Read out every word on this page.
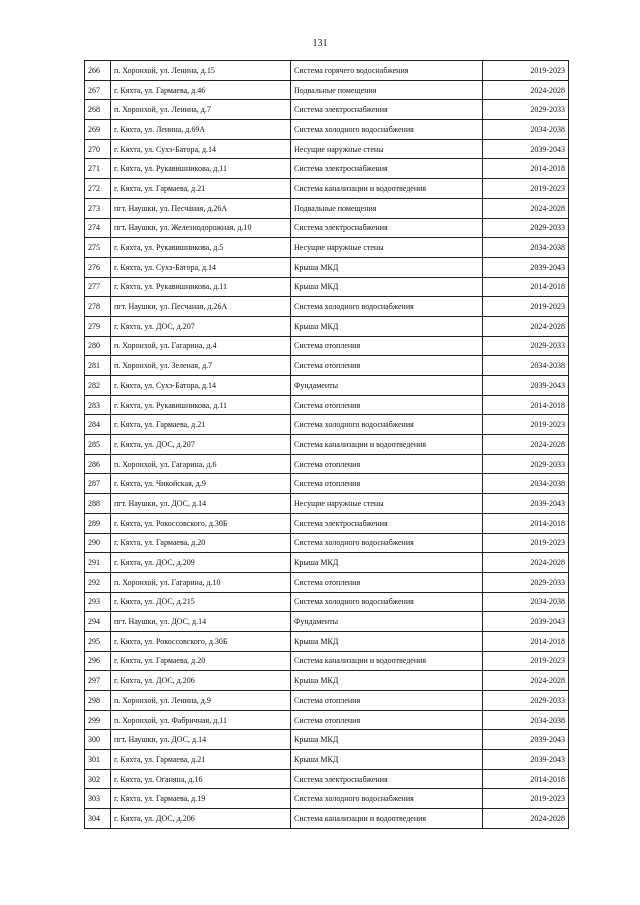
131
266	п. Хоронхой, ул. Ленина, д.15	Система горячего водоснабжения	2019-2023
267	г. Кяхта, ул. Гармаева, д.46	Подвальные помещения	2024-2028
268	п. Хоронхой, ул. Ленина, д.7	Система электроснабжения	2029-2033
269	г. Кяхта, ул. Ленина, д.69А	Система холодного водоснабжения	2034-2038
270	г. Кяхта, ул. Сухэ-Батора, д.14	Несущие наружные стены	2039-2043
271	г. Кяхта, ул. Рукавишникова, д.11	Система электроснабжения	2014-2018
272	г. Кяхта, ул. Гармаева, д.21	Система канализации и водоотведения	2019-2023
273	пгт. Наушки, ул. Песчаная, д.26А	Подвальные помещения	2024-2028
274	пгт. Наушки, ул. Железнодорожная, д.10	Система электроснабжения	2029-2033
275	г. Кяхта, ул. Рукавишникова, д.5	Несущие наружные стены	2034-2038
276	г. Кяхта, ул. Сухэ-Батора, д.14	Крыша МКД	2039-2043
277	г. Кяхта, ул. Рукавишникова, д.11	Крыша МКД	2014-2018
278	пгт. Наушки, ул. Песчаная, д.26А	Система холодного водоснабжения	2019-2023
279	г. Кяхта, ул. ДОС, д.207	Крыша МКД	2024-2028
280	п. Хоронхой, ул. Гагарина, д.4	Система отопления	2029-2033
281	п. Хоронхой, ул. Зеленая, д.7	Система отопления	2034-2038
282	г. Кяхта, ул. Сухэ-Батора, д.14	Фундаменты	2039-2043
283	г. Кяхта, ул. Рукавишникова, д.11	Система отопления	2014-2018
284	г. Кяхта, ул. Гармаева, д.21	Система холодного водоснабжения	2019-2023
285	г. Кяхта, ул. ДОС, д.207	Система канализации и водоотведения	2024-2028
286	п. Хоронхой, ул. Гагарина, д.6	Система отопления	2029-2033
287	г. Кяхта, ул. Чикойская, д.9	Система отопления	2034-2038
288	пгт. Наушки, ул. ДОС, д.14	Несущие наружные стены	2039-2043
289	г. Кяхта, ул. Рокоссовского, д.30Б	Система электроснабжения	2014-2018
290	г. Кяхта, ул. Гармаева, д.20	Система холодного водоснабжения	2019-2023
291	г. Кяхта, ул. ДОС, д.209	Крыша МКД	2024-2028
292	п. Хоронхой, ул. Гагарина, д.10	Система отопления	2029-2033
293	г. Кяхта, ул. ДОС, д.215	Система холодного водоснабжения	2034-2038
294	пгт. Наушки, ул. ДОС, д.14	Фундаменты	2039-2043
295	г. Кяхта, ул. Рокоссовского, д.30Б	Крыша МКД	2014-2018
296	г. Кяхта, ул. Гармаева, д.20	Система канализации и водоотведения	2019-2023
297	г. Кяхта, ул. ДОС, д.206	Крыша МКД	2024-2028
298	п. Хоронхой, ул. Ленина, д.9	Система отопления	2029-2033
299	п. Хоронхой, ул. Фабричная, д.11	Система отопления	2034-2038
300	пгт. Наушки, ул. ДОС, д.14	Крыша МКД	2039-2043
301	г. Кяхта, ул. Гармаева, д.21	Крыша МКД	2039-2043
302	г. Кяхта, ул. Оганяна, д.16	Система электроснабжения	2014-2018
303	г. Кяхта, ул. Гармаева, д.19	Система холодного водоснабжения	2019-2023
304	г. Кяхта, ул. ДОС, д.206	Система канализации и водоотведения	2024-2028
